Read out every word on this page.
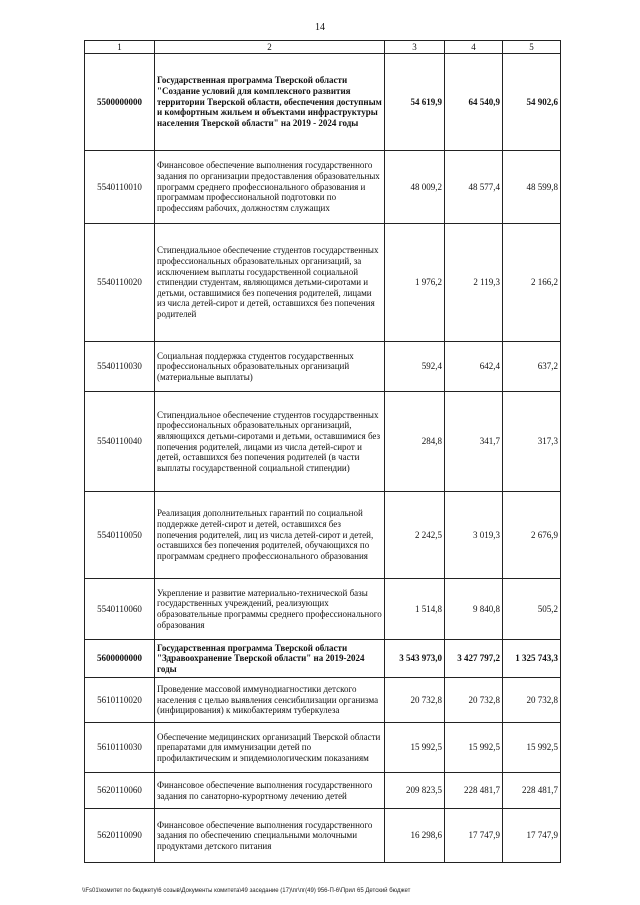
14
1	2	3	4	5
5500000000	Государственная программа Тверской области "Создание условий для комплексного развития территории Тверской области, обеспечения доступным и комфортным жильем и объектами инфраструктуры населения Тверской области" на 2019 - 2024 годы	54 619,9	64 540,9	54 902,6
5540110010	Финансовое обеспечение выполнения государственного задания по организации предоставления образовательных программ среднего профессионального образования и программам профессиональной подготовки по профессиям рабочих, должностям служащих	48 009,2	48 577,4	48 599,8
5540110020	Стипендиальное обеспечение студентов государственных профессиональных образовательных организаций, за исключением выплаты государственной социальной стипендии студентам, являющимся детьми-сиротами и детьми, оставшимися без попечения родителей, лицами из числа детей-сирот и детей, оставшихся без попечения родителей	1 976,2	2 119,3	2 166,2
5540110030	Социальная поддержка студентов государственных профессиональных образовательных организаций (материальные выплаты)	592,4	642,4	637,2
5540110040	Стипендиальное обеспечение студентов государственных профессиональных образовательных организаций, являющихся детьми-сиротами и детьми, оставшимися без попечения родителей, лицами из числа детей-сирот и детей, оставшихся без попечения родителей (в части выплаты государственной социальной стипендии)	284,8	341,7	317,3
5540110050	Реализация дополнительных гарантий по социальной поддержке детей-сирот и детей, оставшихся без попечения родителей, лиц из числа детей-сирот и детей, оставшихся без попечения родителей, обучающихся по программам среднего профессионального образования	2 242,5	3 019,3	2 676,9
5540110060	Укрепление и развитие материально-технической базы государственных учреждений, реализующих образовательные программы среднего профессионального образования	1 514,8	9 840,8	505,2
5600000000	Государственная программа Тверской области "Здравоохранение Тверской области" на 2019-2024 годы	3 543 973,0	3 427 797,2	1 325 743,3
5610110020	Проведение массовой иммунодиагностики детского населения с целью выявления сенсибилизации организма (инфицирования) к микобактериям туберкулеза	20 732,8	20 732,8	20 732,8
5610110030	Обеспечение медицинских организаций Тверской области препаратами для иммунизации детей по профилактическим и эпидемиологическим показаниям	15 992,5	15 992,5	15 992,5
5620110060	Финансовое обеспечение выполнения государственного задания по санаторно-курортному лечению детей	209 823,5	228 481,7	228 481,7
5620110090	Финансовое обеспечение выполнения государственного задания по обеспечению специальными молочными продуктами детского питания	16 298,6	17 747,9	17 747,9
\\Fs01\комитет по бюджету\6 созыв\Документы комитета\49 заседание (17)\пг\пг(49) 956-П-6\Прил 65 Детский бюджет
